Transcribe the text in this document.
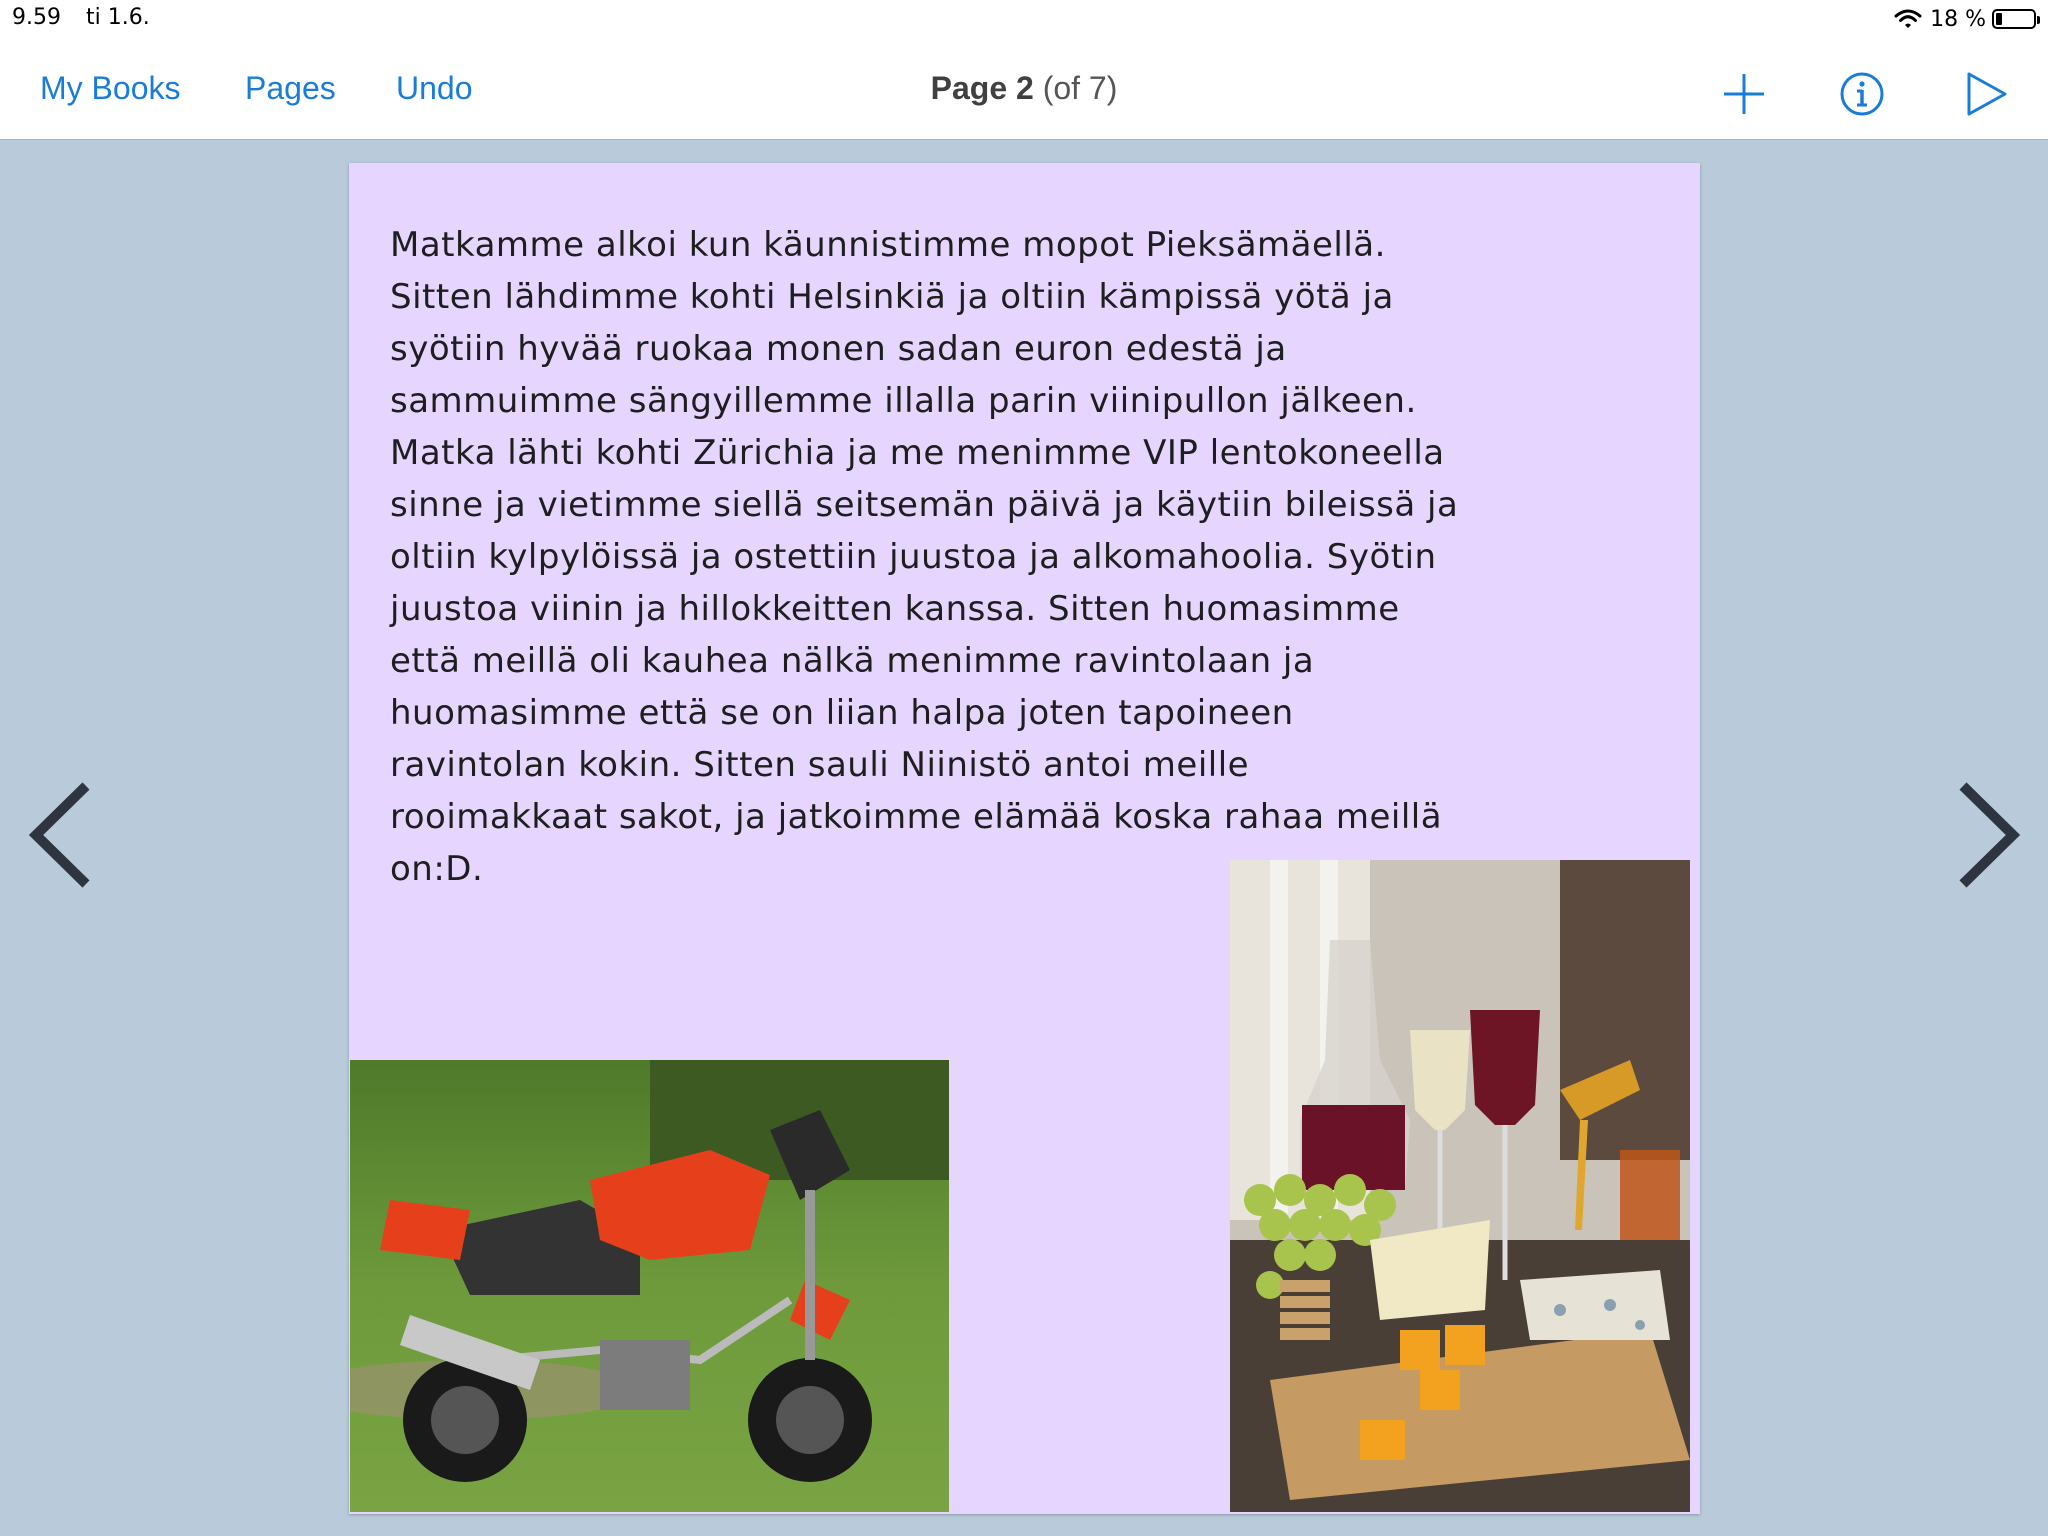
9.59 ti 1.6.	18 %
My Books Pages Undo	Page 2 (of 7)

Matkamme alkoi kun käunnistimme mopot Pieksämäellä.
Sitten lähdimme kohti Helsinkiä ja oltiin kämpissä yötä ja
syötiin hyvää ruokaa monen sadan euron edestä ja
sammuimme sängyillemme illalla parin viinipullon jälkeen.
Matka lähti kohti Zürichia ja me menimme VIP lentokoneella
sinne ja vietimme siellä seitsemän päivä ja käytiin bileissä ja
oltiin kylpylöissä ja ostettiin juustoa ja alkomahoolia. Syötin
juustoa viinin ja hillokkeitten kanssa. Sitten huomasimme
että meillä oli kauhea nälkä menimme ravintolaan ja
huomasimme että se on liian halpa joten tapoineen
ravintolan kokin. Sitten sauli Niinistö antoi meille
rooimakkaat sakot, ja jatkoimme elämää koska rahaa meillä
on:D.
